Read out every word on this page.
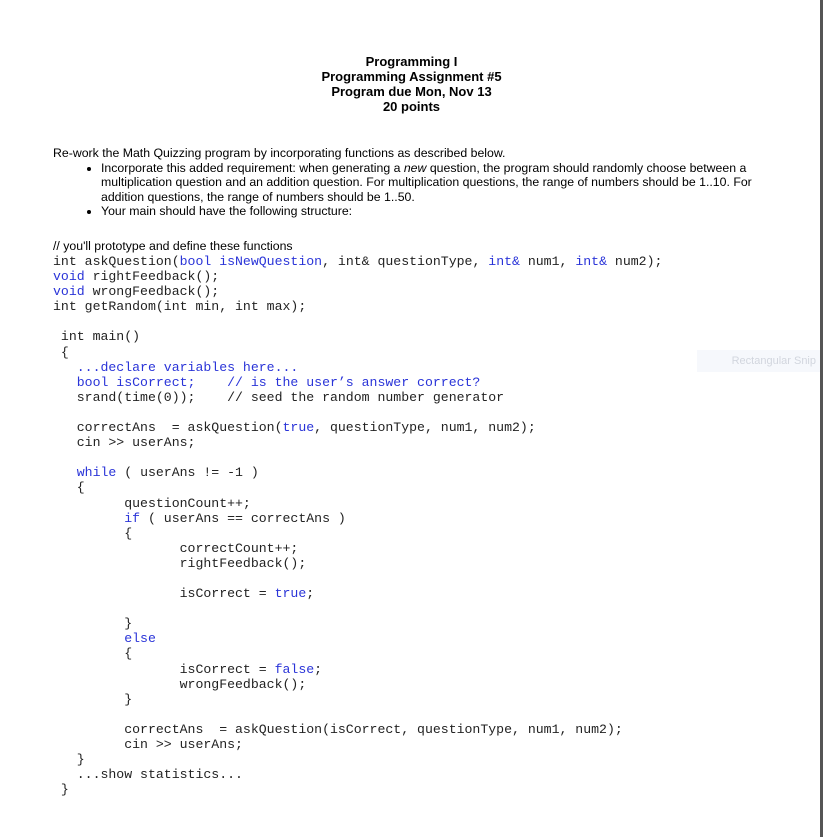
Programming I
Programming Assignment #5
Program due Mon, Nov 13
20 points
Re-work the Math Quizzing program by incorporating functions as described below.
• Incorporate this added requirement: when generating a new question, the program should randomly choose between a multiplication question and an addition question. For multiplication questions, the range of numbers should be 1..10. For addition questions, the range of numbers should be 1..50.
• Your main should have the following structure:
// you'll prototype and define these functions
int askQuestion(bool isNewQuestion, int& questionType, int& num1, int& num2);
void rightFeedback();
void wrongFeedback();
int getRandom(int min, int max);

int main()
{
...declare variables here...
bool isCorrect;    // is the user’s answer correct?
srand(time(0));    // seed the random number generator

correctAns  = askQuestion(true, questionType, num1, num2);
cin >> userAns;

while ( userAns != -1 )
{
questionCount++;
if ( userAns == correctAns )
{
correctCount++;
rightFeedback();

isCorrect = true;

}
else
{
isCorrect = false;
wrongFeedback();
}

correctAns  = askQuestion(isCorrect, questionType, num1, num2);
cin >> userAns;
}
...show statistics...
}
Rectangular Snip
